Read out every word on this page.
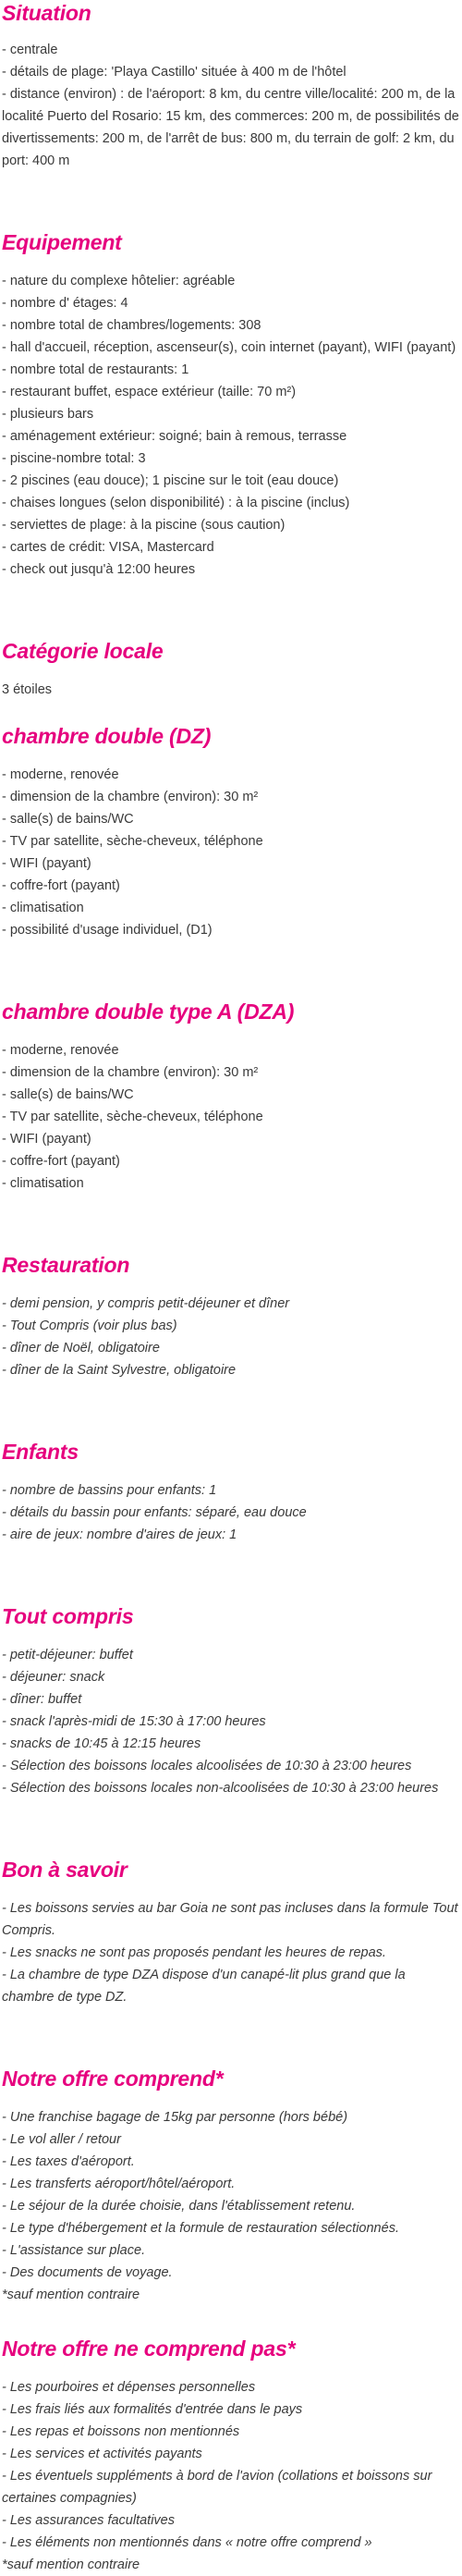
Situation
- centrale
- détails de plage: 'Playa Castillo' située à 400 m de l'hôtel
- distance (environ) : de l'aéroport: 8 km, du centre ville/localité: 200 m, de la localité Puerto del Rosario: 15 km, des commerces: 200 m, de possibilités de divertissements: 200 m, de l'arrêt de bus: 800 m, du terrain de golf: 2 km, du port: 400 m
Equipement
- nature du complexe hôtelier: agréable
- nombre d' étages: 4
- nombre total de chambres/logements: 308
- hall d'accueil, réception, ascenseur(s), coin internet (payant), WIFI (payant)
- nombre total de restaurants: 1
- restaurant buffet, espace extérieur (taille: 70 m²)
- plusieurs bars
- aménagement extérieur: soigné; bain à remous, terrasse
- piscine-nombre total: 3
- 2 piscines (eau douce); 1 piscine sur le toit (eau douce)
- chaises longues (selon disponibilité) : à la piscine (inclus)
- serviettes de plage: à la piscine (sous caution)
- cartes de crédit: VISA, Mastercard
- check out jusqu'à 12:00 heures
Catégorie locale

3 étoiles

chambre double (DZ)
- moderne, renovée
- dimension de la chambre (environ): 30 m²
- salle(s) de bains/WC
- TV par satellite, sèche-cheveux, téléphone
- WIFI (payant)
- coffre-fort (payant)
- climatisation
- possibilité d'usage individuel, (D1)
chambre double type A (DZA)
- moderne, renovée
- dimension de la chambre (environ): 30 m²
- salle(s) de bains/WC
- TV par satellite, sèche-cheveux, téléphone
- WIFI (payant)
- coffre-fort (payant)
- climatisation
Restauration
- demi pension, y compris petit-déjeuner et dîner
- Tout Compris (voir plus bas)
- dîner de Noël, obligatoire
- dîner de la Saint Sylvestre, obligatoire
Enfants
- nombre de bassins pour enfants: 1
- détails du bassin pour enfants: séparé, eau douce
- aire de jeux: nombre d'aires de jeux: 1
Tout compris
- petit-déjeuner: buffet
- déjeuner: snack
- dîner: buffet
- snack l'après-midi de 15:30 à 17:00 heures
- snacks de 10:45 à 12:15 heures
- Sélection des boissons locales alcoolisées de 10:30 à 23:00 heures
- Sélection des boissons locales non-alcoolisées de 10:30 à 23:00 heures
Bon à savoir
- Les boissons servies au bar Goia ne sont pas incluses dans la formule Tout Compris.
- Les snacks ne sont pas proposés pendant les heures de repas.
- La chambre de type DZA dispose d'un canapé-lit plus grand que la chambre de type DZ.
Notre offre comprend*
- Une franchise bagage de 15kg par personne (hors bébé)
- Le vol aller / retour
- Les taxes d'aéroport.
- Les transferts aéroport/hôtel/aéroport.
- Le séjour de la durée choisie, dans l'établissement retenu.
- Le type d'hébergement et la formule de restauration sélectionnés.
- L'assistance sur place.
- Des documents de voyage.

*sauf mention contraire

Notre offre ne comprend pas*
- Les pourboires et dépenses personnelles
- Les frais liés aux formalités d'entrée dans le pays
- Les repas et boissons non mentionnés
- Les services et activités payants
- Les éventuels suppléments à bord de l'avion (collations et boissons sur certaines compagnies)
- Les assurances facultatives
- Les éléments non mentionnés dans « notre offre comprend »

*sauf mention contraire
